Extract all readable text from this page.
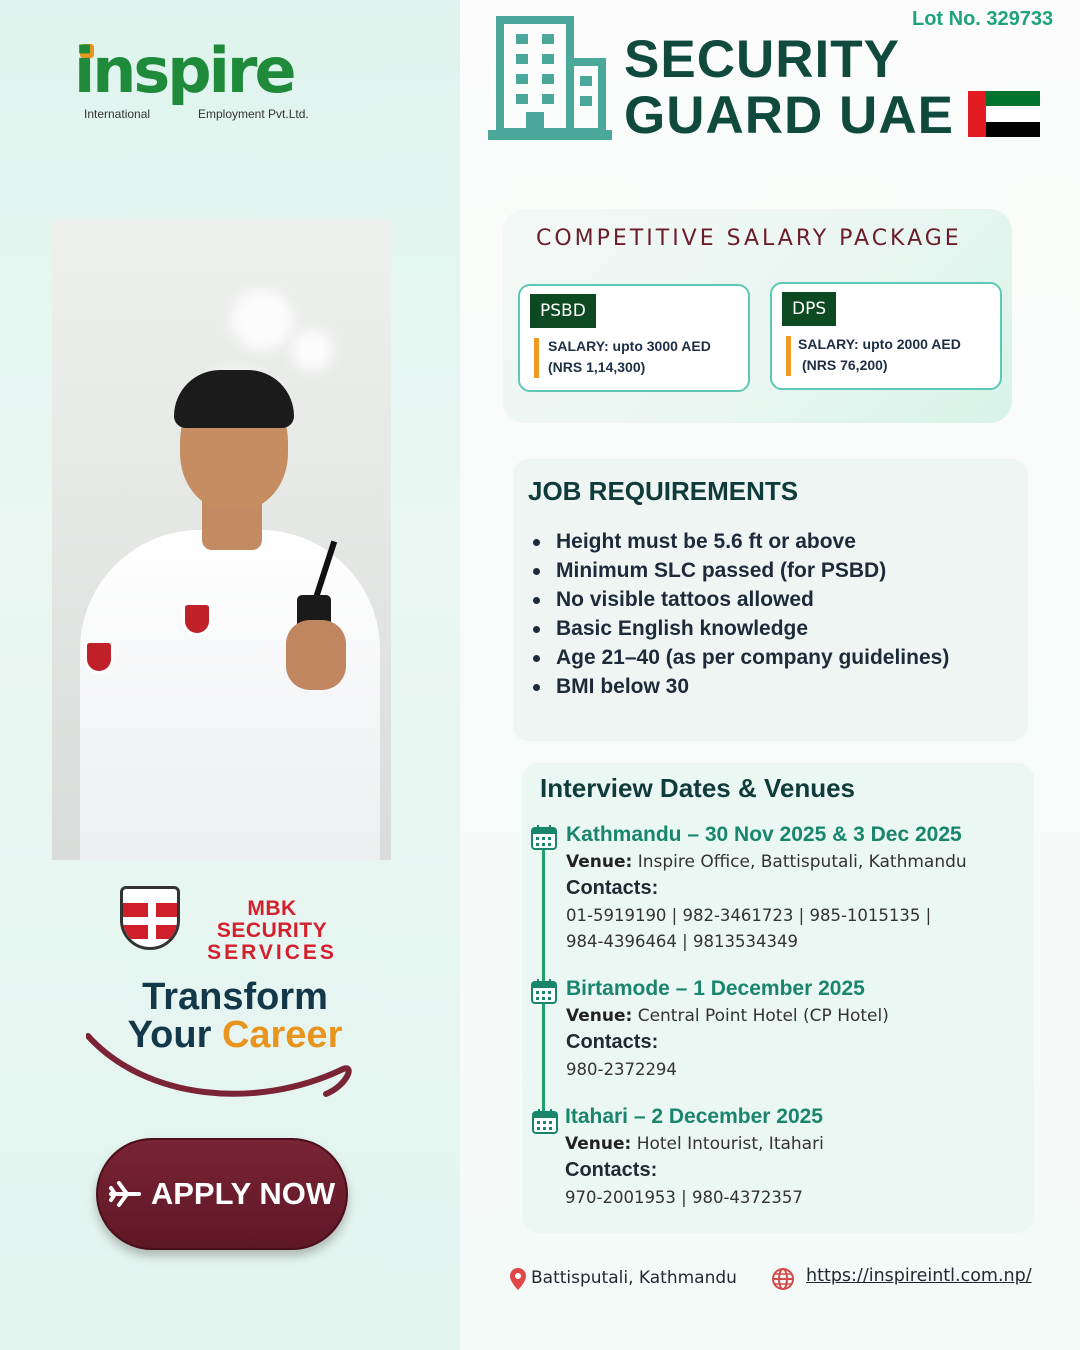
inspire
International	Employment Pvt.Ltd.
MBK SECURITY
SERVICES
Transform
Your Career
APPLY NOW
Lot No. 329733
SECURITY
GUARD UAE
COMPETITIVE SALARY PACKAGE
PSBD
SALARY: upto 3000 AED
(NRS 1,14,300)
DPS
SALARY: upto 2000 AED
(NRS 76,200)
JOB REQUIREMENTS
Height must be 5.6 ft or above
Minimum SLC passed (for PSBD)
No visible tattoos allowed
Basic English knowledge
Age 21–40 (as per company guidelines)
BMI below 30
Interview Dates & Venues
Kathmandu – 30 Nov 2025 & 3 Dec 2025
Venue: Inspire Office, Battisputali, Kathmandu
Contacts:
01-5919190 | 982-3461723 | 985-1015135 |
984-4396464 | 9813534349
Birtamode – 1 December 2025
Venue: Central Point Hotel (CP Hotel)
Contacts:
980-2372294
Itahari – 2 December 2025
Venue: Hotel Intourist, Itahari
Contacts:
970-2001953 | 980-4372357
Battisputali, Kathmandu	https://inspireintl.com.np/
